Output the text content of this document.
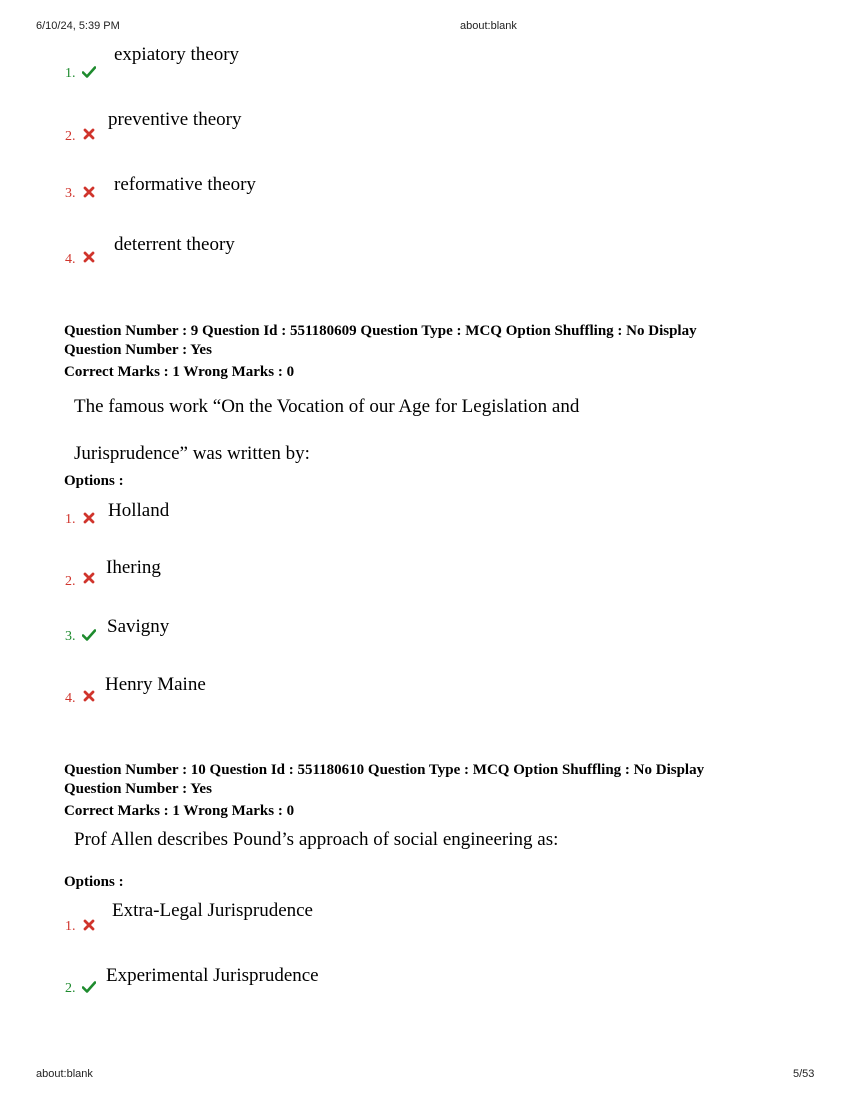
6/10/24, 5:39 PM	about:blank
1.
expiatory theory
2.
preventive theory
3. reformative theory
4.
deterrent theory
Question Number : 9 Question Id : 551180609 Question Type : MCQ Option Shuffling : No Display
Question Number : Yes
Correct Marks : 1 Wrong Marks : 0
The famous work “On the Vocation of our Age for Legislation and
Jurisprudence” was written by:
Options :
1. Holland
2.
Ihering
3. Savigny
4.
Henry Maine
Question Number : 10 Question Id : 551180610 Question Type : MCQ Option Shuffling : No Display
Question Number : Yes
Correct Marks : 1 Wrong Marks : 0
Prof Allen describes Pound’s approach of social engineering as:
Options :
1.
Extra-Legal Jurisprudence
2.
Experimental Jurisprudence
about:blank	5/53
